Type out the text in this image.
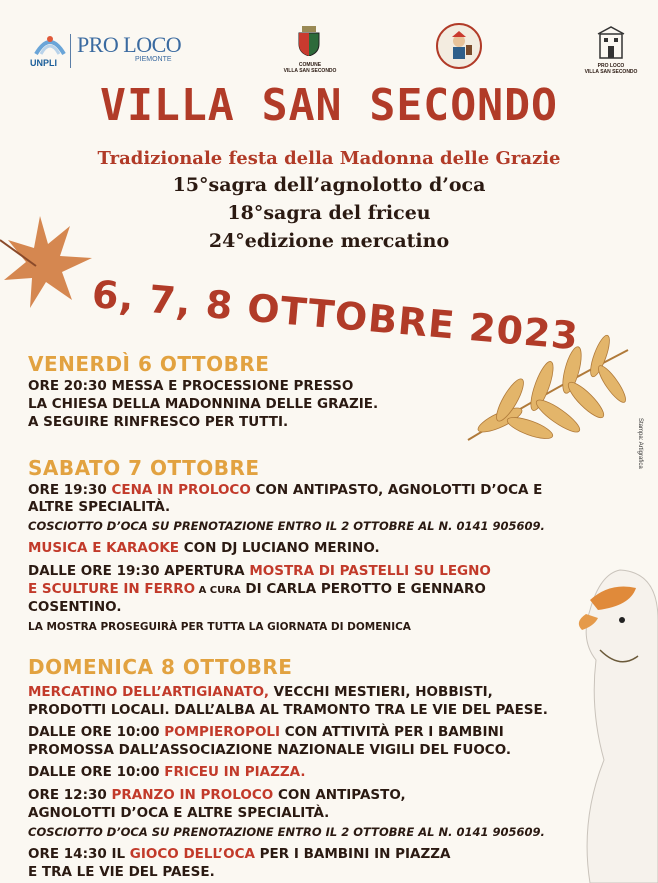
UNPLI
PRO LOCO
PIEMONTE
COMUNE
VILLA SAN SECONDO
PRO LOCO
VILLA SAN SECONDO
VILLA SAN SECONDO
Tradizionale festa della Madonna delle Grazie
15°sagra dell’agnolotto d’oca
18°sagra del friceu
24°edizione mercatino
6, 7, 8 OTTOBRE 2023
Stampa: Artigrafica
VENERDÌ 6 OTTOBRE
ORE 20:30 MESSA E PROCESSIONE PRESSO
LA CHIESA DELLA MADONNINA DELLE GRAZIE.
A SEGUIRE RINFRESCO PER TUTTI.
SABATO 7 OTTOBRE
ORE 19:30 CENA IN PROLOCO CON ANTIPASTO, AGNOLOTTI D’OCA E
ALTRE SPECIALITÀ.
COSCIOTTO D’OCA SU PRENOTAZIONE ENTRO IL 2 OTTOBRE AL N. 0141 905609.
MUSICA E KARAOKE CON DJ LUCIANO MERINO.
DALLE ORE 19:30 APERTURA MOSTRA DI PASTELLI SU LEGNO
E SCULTURE IN FERRO A CURA DI CARLA PEROTTO E GENNARO
COSENTINO.
LA MOSTRA PROSEGUIRÀ PER TUTTA LA GIORNATA DI DOMENICA
DOMENICA 8 OTTOBRE
MERCATINO DELL’ARTIGIANATO, VECCHI MESTIERI, HOBBISTI,
PRODOTTI LOCALI. DALL’ALBA AL TRAMONTO TRA LE VIE DEL PAESE.
DALLE ORE 10:00 POMPIEROPOLI CON ATTIVITÀ PER I BAMBINI
PROMOSSA DALL’ASSOCIAZIONE NAZIONALE VIGILI DEL FUOCO.
DALLE ORE 10:00 FRICEU IN PIAZZA.
ORE 12:30 PRANZO IN PROLOCO CON ANTIPASTO,
AGNOLOTTI D’OCA E ALTRE SPECIALITÀ.
COSCIOTTO D’OCA SU PRENOTAZIONE ENTRO IL 2 OTTOBRE AL N. 0141 905609.
ORE 14:30 IL GIOCO DELL’OCA PER I BAMBINI IN PIAZZA
E TRA LE VIE DEL PAESE.
